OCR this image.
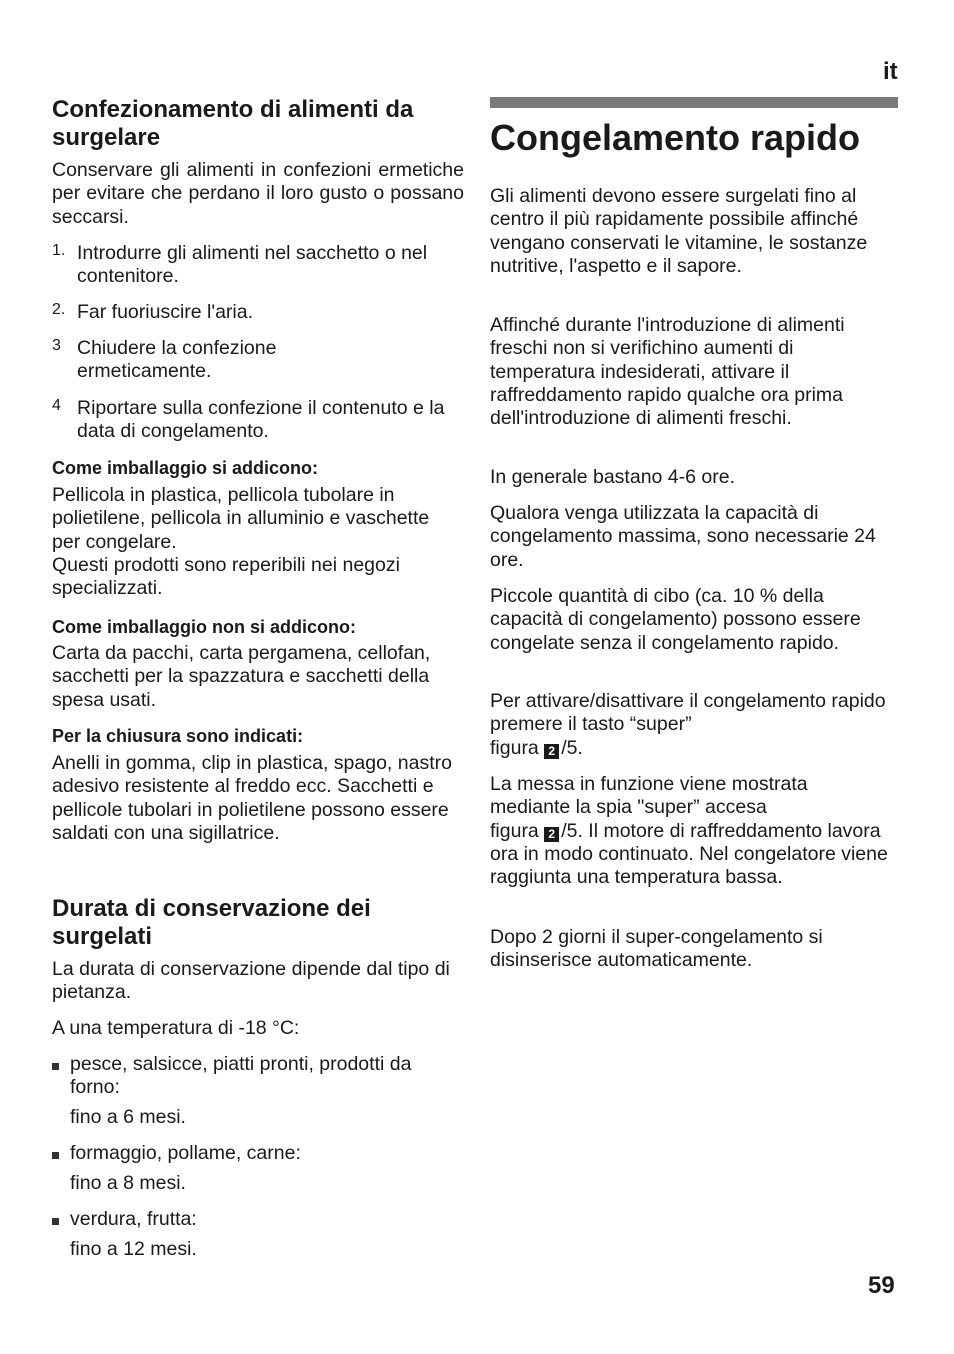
it
Confezionamento di alimenti da surgelare

Conservare gli alimenti in confezioni ermetiche per evitare che perdano il loro gusto o possano seccarsi.

1. Introdurre gli alimenti nel sacchetto o nel contenitore.

2. Far fuoriuscire l'aria.

3 Chiudere la confezione ermeticamente.

4 Riportare sulla confezione il contenuto e la data di congelamento.

Come imballaggio si addicono:

Pellicola in plastica, pellicola tubolare in polietilene, pellicola in alluminio e vaschette per congelare.

Questi prodotti sono reperibili nei negozi specializzati.

Come imballaggio non si addicono:

Carta da pacchi, carta pergamena, cellofan, sacchetti per la spazzatura e sacchetti della spesa usati.

Per la chiusura sono indicati:

Anelli in gomma, clip in plastica, spago, nastro adesivo resistente al freddo ecc. Sacchetti e pellicole tubolari in polietilene possono essere saldati con una sigillatrice.

Durata di conservazione dei surgelati

La durata di conservazione dipende dal tipo di pietanza.

A una temperatura di -18 °C:

pesce, salsicce, piatti pronti, prodotti da forno:

fino a 6 mesi.

formaggio, pollame, carne:

fino a 8 mesi.

verdura, frutta:

fino a 12 mesi.

Congelamento rapido

Gli alimenti devono essere surgelati fino al centro il più rapidamente possibile affinché vengano conservati le vitamine, le sostanze nutritive, l'aspetto e il sapore.

Affinché durante l'introduzione di alimenti freschi non si verifichino aumenti di temperatura indesiderati, attivare il raffreddamento rapido qualche ora prima dell'introduzione di alimenti freschi.

In generale bastano 4-6 ore.

Qualora venga utilizzata la capacità di congelamento massima, sono necessarie 24 ore.

Piccole quantità di cibo (ca. 10 % della capacità di congelamento) possono essere congelate senza il congelamento rapido.

Per attivare/disattivare il congelamento rapido premere il tasto “super”
figura 2 /5.

La messa in funzione viene mostrata mediante la spia "super” accesa
figura 2 /5. Il motore di raffreddamento lavora ora in modo continuato. Nel congelatore viene raggiunta una temperatura bassa.

Dopo 2 giorni il super-congelamento si disinserisce automaticamente.

59
